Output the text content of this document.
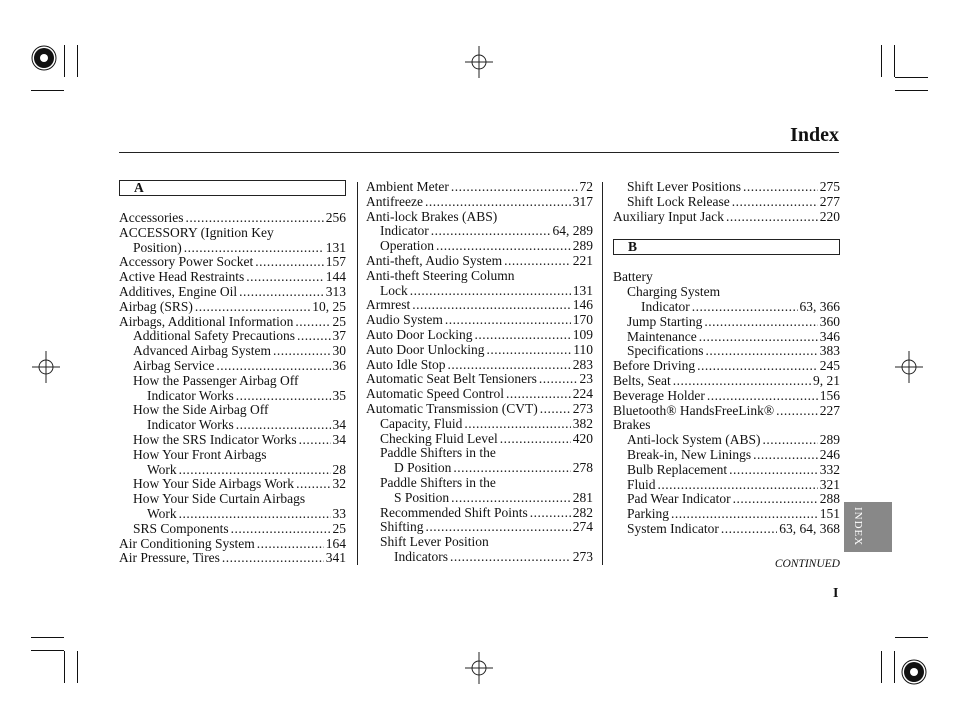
Index
A
Accessories .....	256
ACCESSORY (Ignition Key
Position) .....	131
Accessory Power Socket .....	157
Active Head Restraints .....	144
Additives, Engine Oil .....	313
Airbag (SRS) .....	10, 25
Airbags, Additional Information .....	25
Additional Safety Precautions .....	37
Advanced Airbag System .....	30
Airbag Service .....	36
How the Passenger Airbag Off
Indicator Works .....	35
How the Side Airbag Off
Indicator Works .....	34
How the SRS Indicator Works .....	34
How Your Front Airbags
Work .....	28
How Your Side Airbags Work .....	32
How Your Side Curtain Airbags
Work .....	33
SRS Components .....	25
Air Conditioning System .....	164
Air Pressure, Tires .....	341
Ambient Meter .....	72
Antifreeze .....	317
Anti-lock Brakes (ABS)
Indicator .....	64, 289
Operation .....	289
Anti-theft, Audio System .....	221
Anti-theft Steering Column
Lock .....	131
Armrest .....	146
Audio System .....	170
Auto Door Locking .....	109
Auto Door Unlocking .....	110
Auto Idle Stop .....	283
Automatic Seat Belt Tensioners .....	23
Automatic Speed Control .....	224
Automatic Transmission (CVT) .....	273
Capacity, Fluid .....	382
Checking Fluid Level .....	420
Paddle Shifters in the
D Position .....	278
Paddle Shifters in the
S Position .....	281
Recommended Shift Points .....	282
Shifting .....	274
Shift Lever Position
Indicators .....	273
Shift Lever Positions .....	275
Shift Lock Release .....	277
Auxiliary Input Jack .....	220
B
Battery
Charging System
Indicator .....	63, 366
Jump Starting .....	360
Maintenance .....	346
Specifications .....	383
Before Driving .....	245
Belts, Seat .....	9, 21
Beverage Holder .....	156
Bluetooth® HandsFreeLink® .....	227
Brakes
Anti-lock System (ABS) .....	289
Break-in, New Linings .....	246
Bulb Replacement .....	332
Fluid .....	321
Pad Wear Indicator .....	288
Parking .....	151
System Indicator .....	63, 64, 368
CONTINUED
INDEX
I
